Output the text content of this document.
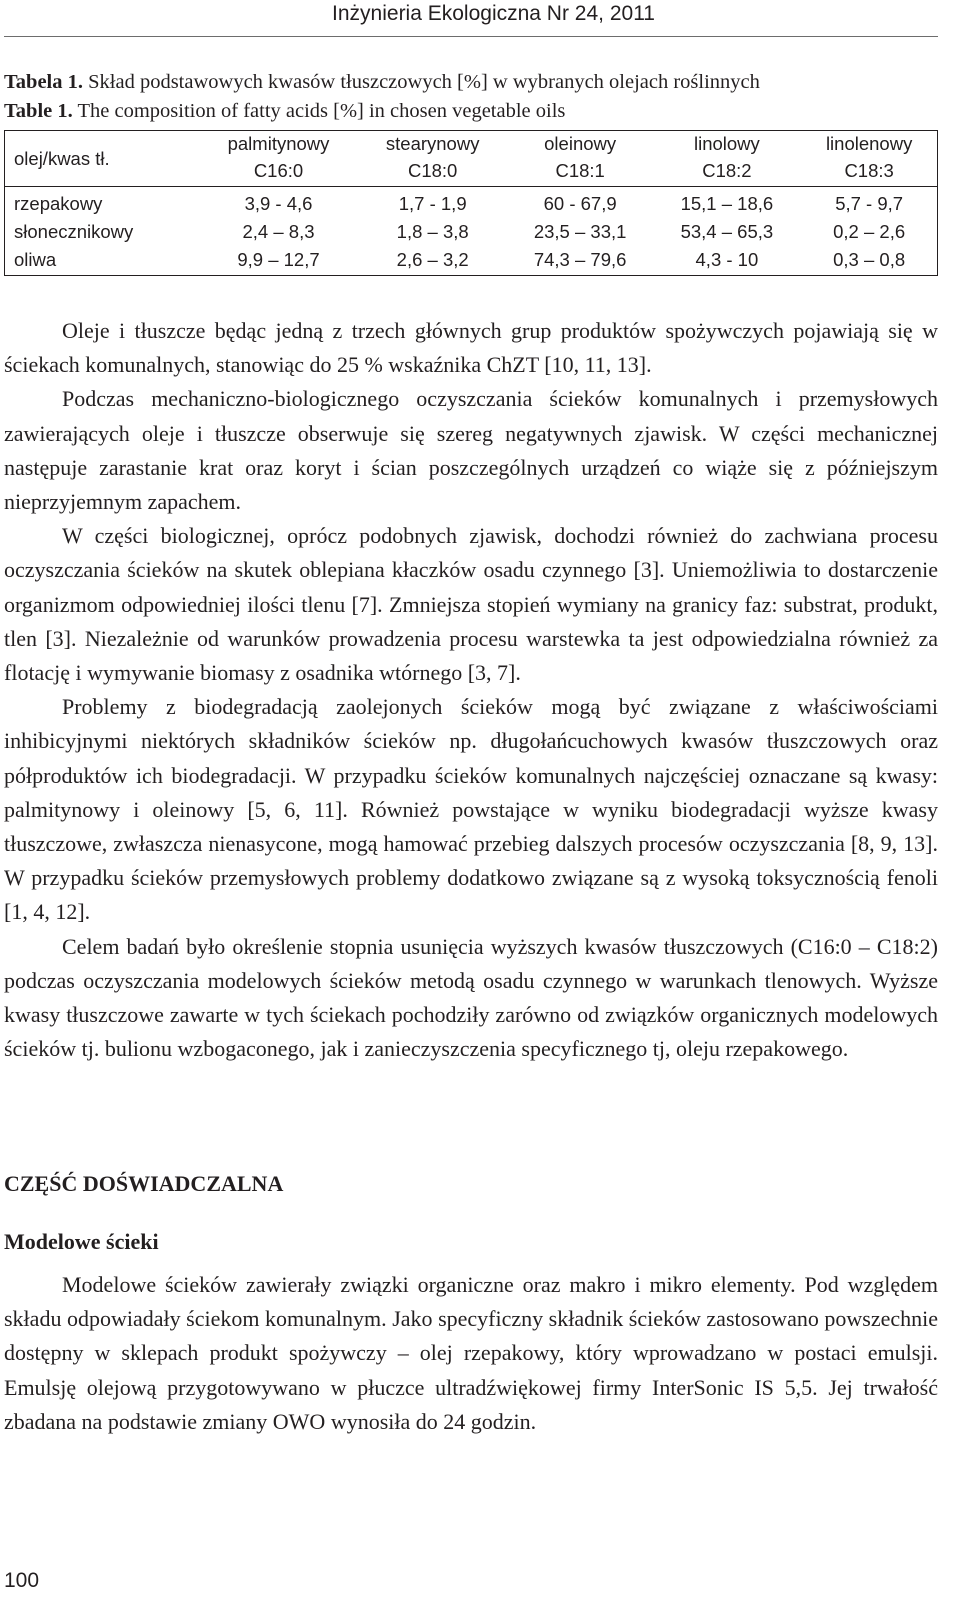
Inżynieria Ekologiczna Nr 24, 2011
Tabela 1. Skład podstawowych kwasów tłuszczowych [%] w wybranych olejach roślinnych
Table 1. The composition of fatty acids [%] in chosen vegetable oils
olej/kwas tł.	palmitynowy	stearynowy	oleinowy	linolowy	linolenowy
	C16:0	C18:0	C18:1	C18:2	C18:3
rzepakowy	3,9 - 4,6	1,7 - 1,9	60 - 67,9	15,1 – 18,6	5,7 - 9,7
słonecznikowy	2,4 – 8,3	1,8 – 3,8	23,5 – 33,1	53,4 – 65,3	0,2 – 2,6
oliwa	9,9 – 12,7	2,6 – 3,2	74,3 – 79,6	4,3 - 10	0,3 – 0,8

Oleje i tłuszcze będąc jedną z trzech głównych grup produktów spożywczych pojawiają się w ściekach komunalnych, stanowiąc do 25 % wskaźnika ChZT [10, 11, 13].

Podczas mechaniczno-biologicznego oczyszczania ścieków komunalnych i przemysłowych zawierających oleje i tłuszcze obserwuje się szereg negatywnych zjawisk. W części mechanicznej następuje zarastanie krat oraz koryt i ścian poszczególnych urządzeń co wiąże się z późniejszym nieprzyjemnym zapachem.

W części biologicznej, oprócz podobnych zjawisk, dochodzi również do zachwiana procesu oczyszczania ścieków na skutek oblepiana kłaczków osadu czynnego [3]. Uniemożliwia to dostarczenie organizmom odpowiedniej ilości tlenu [7]. Zmniejsza stopień wymiany na granicy faz: substrat, produkt, tlen [3]. Niezależnie od warunków prowadzenia procesu warstewka ta jest odpowiedzialna również za flotację i wymywanie biomasy z osadnika wtórnego [3, 7].

Problemy z biodegradacją zaolejonych ścieków mogą być związane z właściwościami inhibicyjnymi niektórych składników ścieków np. długołańcuchowych kwasów tłuszczowych oraz półproduktów ich biodegradacji. W przypadku ścieków komunalnych najczęściej oznaczane są kwasy: palmitynowy i oleinowy [5, 6, 11]. Również powstające w wyniku biodegradacji wyższe kwasy tłuszczowe, zwłaszcza nienasycone, mogą hamować przebieg dalszych procesów oczyszczania [8, 9, 13]. W przypadku ścieków przemysłowych problemy dodatkowo związane są z wysoką toksycznością fenoli [1, 4, 12].

Celem badań było określenie stopnia usunięcia wyższych kwasów tłuszczowych (C16:0 – C18:2) podczas oczyszczania modelowych ścieków metodą osadu czynnego w warunkach tlenowych. Wyższe kwasy tłuszczowe zawarte w tych ściekach pochodziły zarówno od związków organicznych modelowych ścieków tj. bulionu wzbogaconego, jak i zanieczyszczenia specyficznego tj, oleju rzepakowego.

CZĘŚĆ DOŚWIADCZALNA
Modelowe ścieki

Modelowe ścieków zawierały związki organiczne oraz makro i mikro elementy. Pod względem składu odpowiadały ściekom komunalnym. Jako specyficzny składnik ścieków zastosowano powszechnie dostępny w sklepach produkt spożywczy – olej rzepakowy, który wprowadzano w postaci emulsji. Emulsję olejową przygotowywano w płuczce ultradźwiękowej firmy InterSonic IS 5,5. Jej trwałość zbadana na podstawie zmiany OWO wynosiła do 24 godzin.

100
